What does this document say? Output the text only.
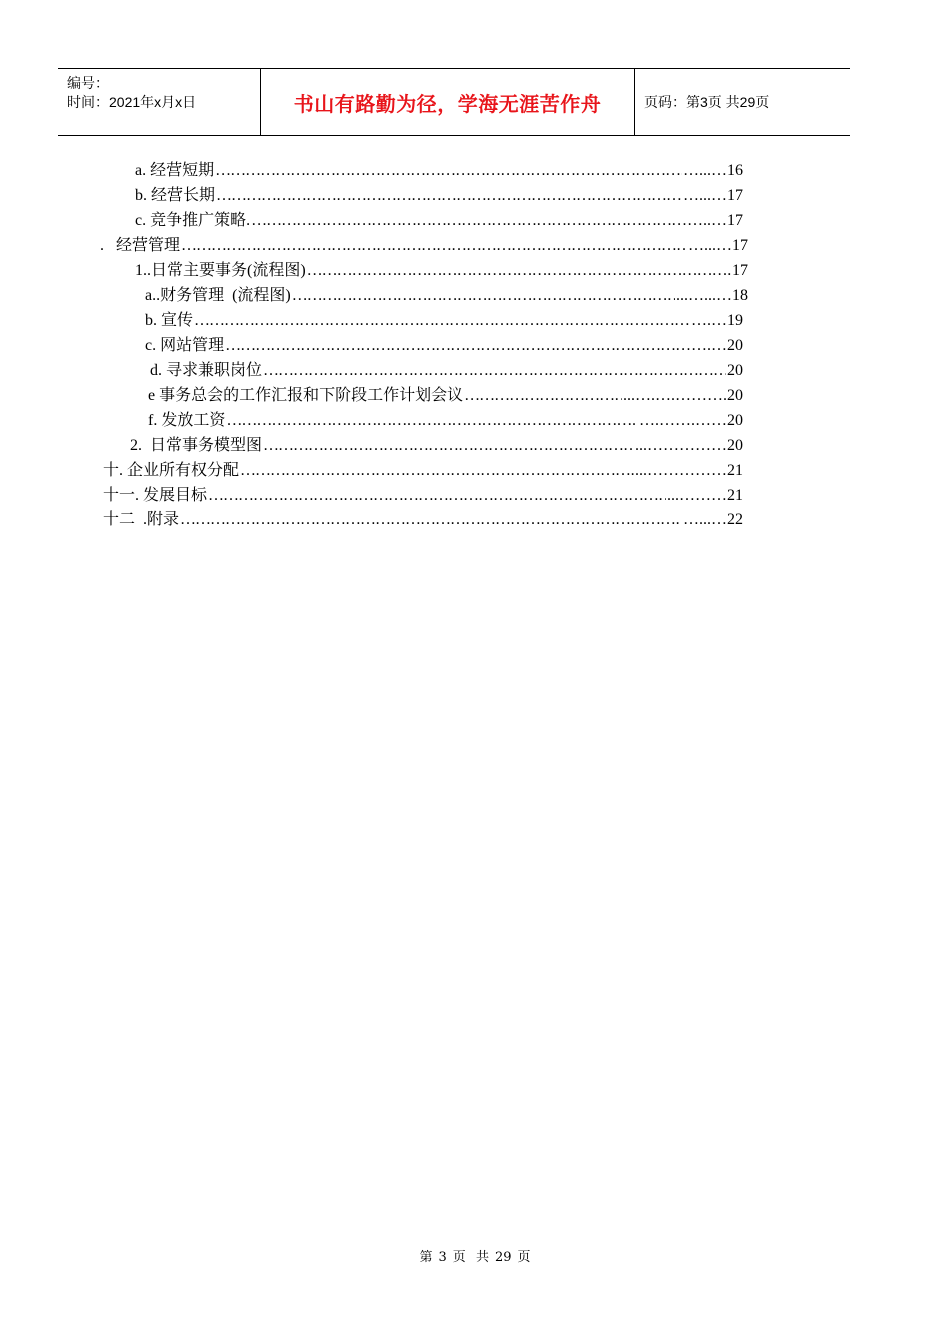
编号：
时间：2021年x月x日	书山有路勤为径，学海无涯苦作舟	页码：第3页 共29页
a. 经营短期 …………………………………………………………………………………………………………………………………………………………………………………………	…...…16
b. 经营长期 …………………………………………………………………………………………………………………………………………………………………………………………	…...…17
c. 竞争推广策略. …………………………………………………………………………………………………………………………………………………………………………………………	…..…17
.   经营管理 …………………………………………………………………………………………………………………………………………………………………………………………	…...…17
1..日常主要事务(流程图) …………………………………………………………………………………………………………………………………………………………………………………………	17
a..财务管理  (流程图) …………………………………………………………………………………………………………………………………………………………………………………………	...…...…18
b. 宣传 …………………………………………………………………………………………………………………………………………………………………………………………	….…19
c. 网站管理 …………………………………………………………………………………………………………………………………………………………………………………………	….…20
d. 寻求兼职岗位 …………………………………………………………………………………………………………………………………………………………………………………………	20
e 事务总会的工作汇报和下阶段工作计划会议 …………………………………………………………………………………………………………………………………………………………………………………………	...….….……….20
f. 发放工资 …………………………………………………………………………………………………………………………………………………………………………………………	….…….……20
2.  日常事务模型图 …………………………………………………………………………………………………………………………………………………………………………………………	...……………20
十. 企业所有权分配 …………………………………………………………………………………………………………………………………………………………………………………………	...……………21
十一. 发展目标 …………………………………………………………………………………………………………………………………………………………………………………………	...………21
十二  .附录 …………………………………………………………………………………………………………………………………………………………………………………………	…...…22
第 3 页 共 29 页
